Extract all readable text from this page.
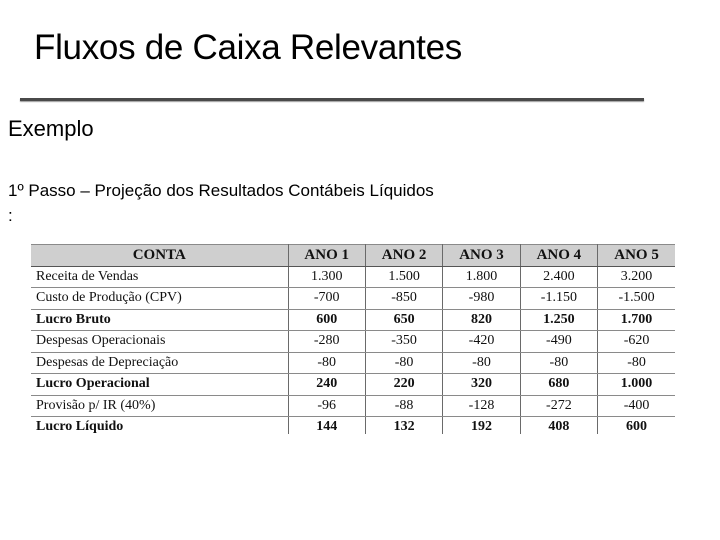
Fluxos de Caixa Relevantes
Exemplo
1º Passo – Projeção dos Resultados Contábeis Líquidos
:
CONTA	ANO 1	ANO 2	ANO 3	ANO 4	ANO 5
Receita de Vendas	1.300	1.500	1.800	2.400	3.200
Custo de Produção (CPV)	-700	-850	-980	-1.150	-1.500
Lucro Bruto	600	650	820	1.250	1.700
Despesas Operacionais	-280	-350	-420	-490	-620
Despesas de Depreciação	-80	-80	-80	-80	-80
Lucro Operacional	240	220	320	680	1.000
Provisão p/ IR (40%)	-96	-88	-128	-272	-400
Lucro Líquido	144	132	192	408	600
